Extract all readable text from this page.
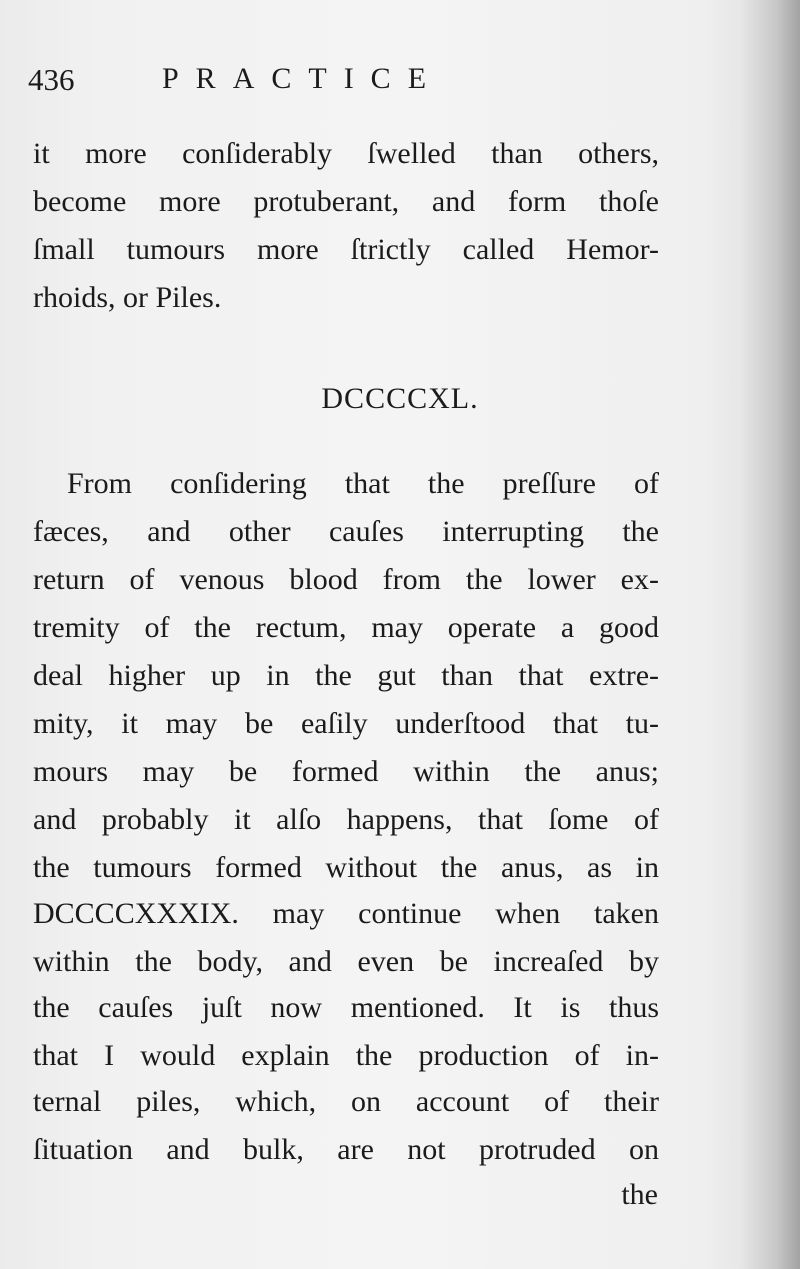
436	PRACTICE
it more conſiderably ſwelled than others,
become more protuberant, and form thoſe
ſmall tumours more ſtrictly called Hemor-
rhoids, or Piles.
DCCCCXL.
From conſidering that the preſſure of
fæces, and other cauſes interrupting the
return of venous blood from the lower ex-
tremity of the rectum, may operate a good
deal higher up in the gut than that extre-
mity, it may be eaſily underſtood that tu-
mours may be formed within the anus;
and probably it alſo happens, that ſome of
the tumours formed without the anus, as in
DCCCCXXXIX. may continue when taken
within the body, and even be increaſed by
the cauſes juſt now mentioned. It is thus
that I would explain the production of in-
ternal piles, which, on account of their
ſituation and bulk, are not protruded on
the
